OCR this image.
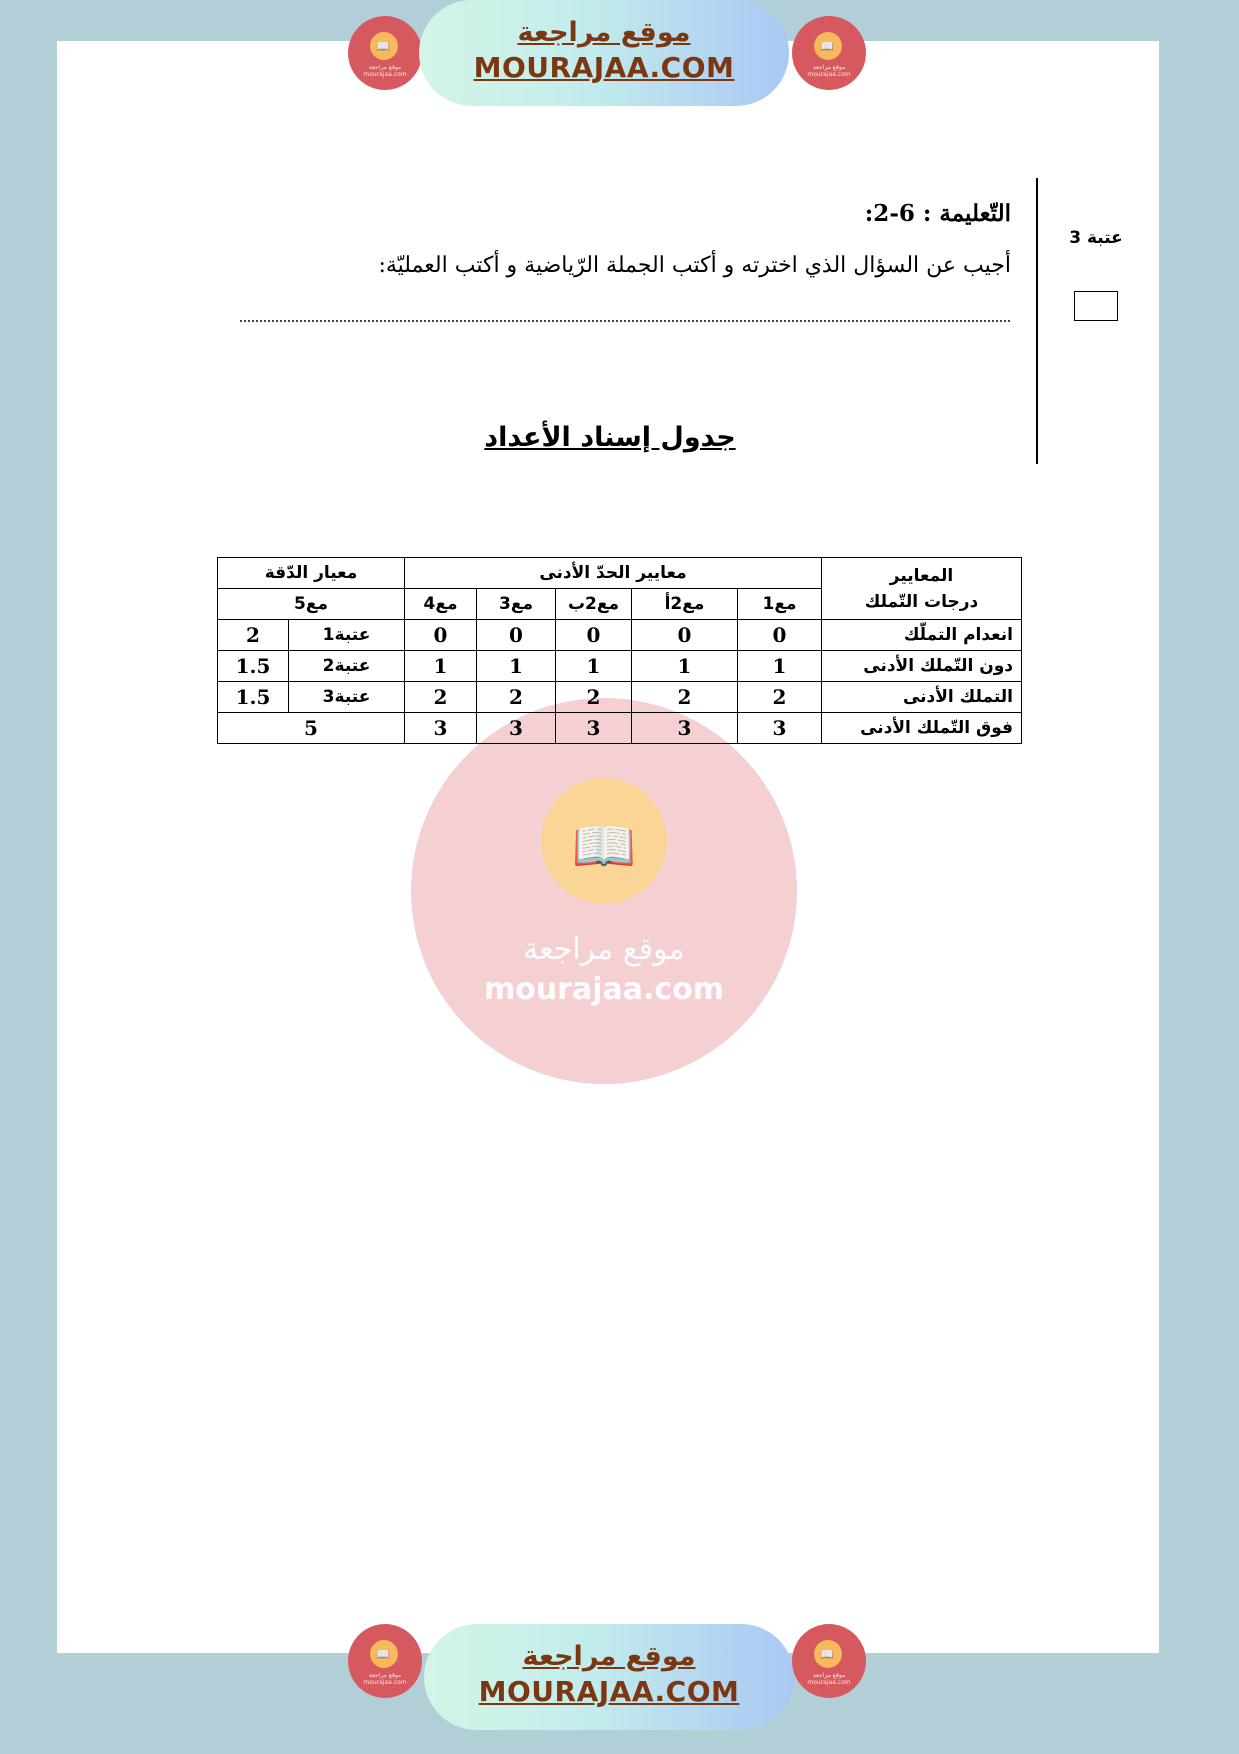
📖
موقع مراجعة mourajaa.com
موقع مراجعة
MOURAJAA.COM
📖
موقع مراجعة mourajaa.com
عتبة 3
التّعليمة : 6-2:
أجيب عن السؤال الذي اخترته و أكتب الجملة الرّياضية و أكتب العمليّة:
جدول إسناد الأعداد
📖
موقع مراجعة
mourajaa.com
المعايير
درجات التّملك	معايير الحدّ الأدنى					معيار الدّقة	
	مع1	مع2أ	مع2ب	مع3	مع4	مع5	
انعدام التملّك	0	0	0	0	0	عتبة1	2
دون التّملك الأدنى	1	1	1	1	1	عتبة2	1.5
التملك الأدنى	2	2	2	2	2	عتبة3	1.5
فوق التّملك الأدنى	3	3	3	3	3	5	
📖
موقع مراجعة mourajaa.com
موقع مراجعة
MOURAJAA.COM
📖
موقع مراجعة mourajaa.com
